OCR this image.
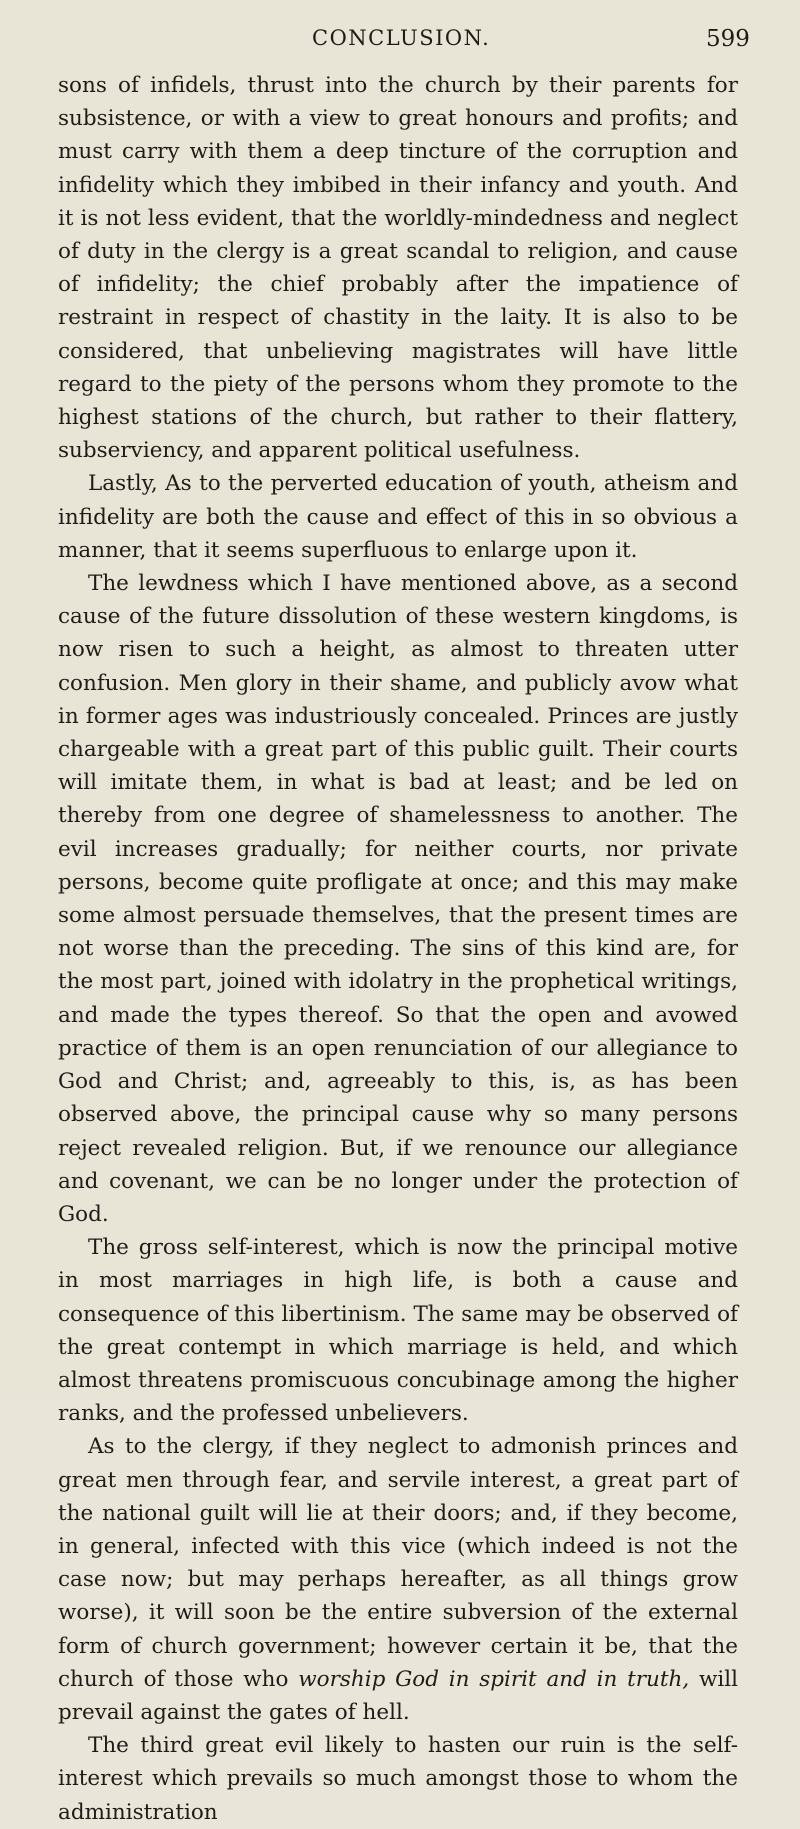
CONCLUSION.	599

sons of infidels, thrust into the church by their parents for subsistence, or with a view to great honours and profits; and must carry with them a deep tincture of the corruption and infidelity which they imbibed in their infancy and youth. And it is not less evident, that the worldly-mindedness and neglect of duty in the clergy is a great scandal to religion, and cause of infidelity; the chief probably after the impatience of restraint in respect of chastity in the laity. It is also to be considered, that unbelieving magistrates will have little regard to the piety of the persons whom they promote to the highest stations of the church, but rather to their flattery, subserviency, and apparent political usefulness.

Lastly, As to the perverted education of youth, atheism and infidelity are both the cause and effect of this in so obvious a manner, that it seems superfluous to enlarge upon it.

The lewdness which I have mentioned above, as a second cause of the future dissolution of these western kingdoms, is now risen to such a height, as almost to threaten utter confusion. Men glory in their shame, and publicly avow what in former ages was industriously concealed. Princes are justly chargeable with a great part of this public guilt. Their courts will imitate them, in what is bad at least; and be led on thereby from one degree of shamelessness to another. The evil increases gradually; for neither courts, nor private persons, become quite profligate at once; and this may make some almost persuade themselves, that the present times are not worse than the preceding. The sins of this kind are, for the most part, joined with idolatry in the prophetical writings, and made the types thereof. So that the open and avowed practice of them is an open renunciation of our allegiance to God and Christ; and, agreeably to this, is, as has been observed above, the principal cause why so many persons reject revealed religion. But, if we renounce our allegiance and covenant, we can be no longer under the protection of God.

The gross self-interest, which is now the principal motive in most marriages in high life, is both a cause and consequence of this libertinism. The same may be observed of the great contempt in which marriage is held, and which almost threatens promiscuous concubinage among the higher ranks, and the professed unbelievers.

As to the clergy, if they neglect to admonish princes and great men through fear, and servile interest, a great part of the national guilt will lie at their doors; and, if they become, in general, infected with this vice (which indeed is not the case now; but may perhaps hereafter, as all things grow worse), it will soon be the entire subversion of the external form of church government; however certain it be, that the church of those who worship God in spirit and in truth, will prevail against the gates of hell.

The third great evil likely to hasten our ruin is the self-interest which prevails so much amongst those to whom the administration
